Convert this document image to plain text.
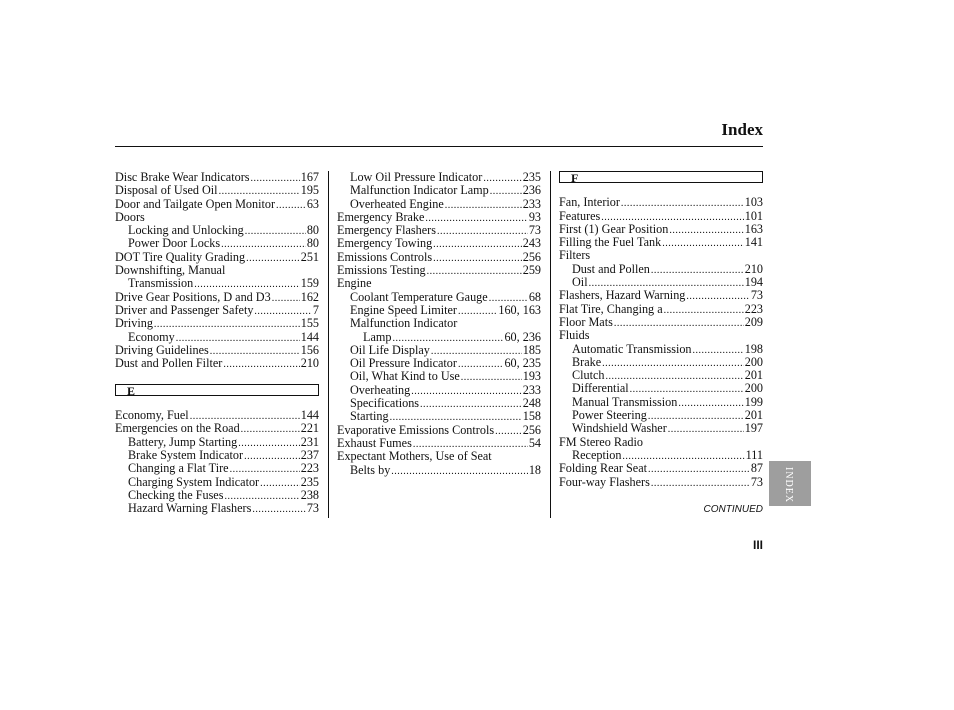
Index
Disc Brake Wear Indicators .....	167
Disposal of Used Oil .....	195
Door and Tailgate Open Monitor .....	63
Doors
Locking and Unlocking .....	80
Power Door Locks .....	80
DOT Tire Quality Grading .....	251
Downshifting, Manual
Transmission .....	159
Drive Gear Positions, D and D3 ..... 162
Driver and Passenger Safety .....	7
Driving .....	155
Economy .....	144
Driving Guidelines .....	156
Dust and Pollen Filter .....	210
E
Economy, Fuel .....	144
Emergencies on the Road .....	221
Battery, Jump Starting .....	231
Brake System Indicator .....	237
Changing a Flat Tire .....	223
Charging System Indicator .....	235
Checking the Fuses .....	238
Hazard Warning Flashers .....	73
Low Oil Pressure Indicator .....	235
Malfunction Indicator Lamp .....	236
Overheated Engine .....	233
Emergency Brake .....	93
Emergency Flashers .....	73
Emergency Towing .....	243
Emissions Controls .....	256
Emissions Testing .....	259
Engine
Coolant Temperature Gauge .....	68
Engine Speed Limiter .....	160, 163
Malfunction Indicator
Lamp .....	60, 236
Oil Life Display .....	185
Oil Pressure Indicator .....	60, 235
Oil, What Kind to Use .....	193
Overheating .....	233
Specifications .....	248
Starting .....	158
Evaporative Emissions Controls ..... 256
Exhaust Fumes .....	54
Expectant Mothers, Use of Seat
Belts by .....	18
F
Fan, Interior .....	103
Features .....	101
First (1) Gear Position .....	163
Filling the Fuel Tank .....	141
Filters
Dust and Pollen .....	210
Oil .....	194
Flashers, Hazard Warning .....	73
Flat Tire, Changing a .....	223
Floor Mats .....	209
Fluids
Automatic Transmission .....	198
Brake .....	200
Clutch .....	201
Differential .....	200
Manual Transmission .....	199
Power Steering .....	201
Windshield Washer .....	197
FM Stereo Radio
Reception .....	111
Folding Rear Seat .....	87
Four-way Flashers .....	73 INDEX
CONTINUED
III
